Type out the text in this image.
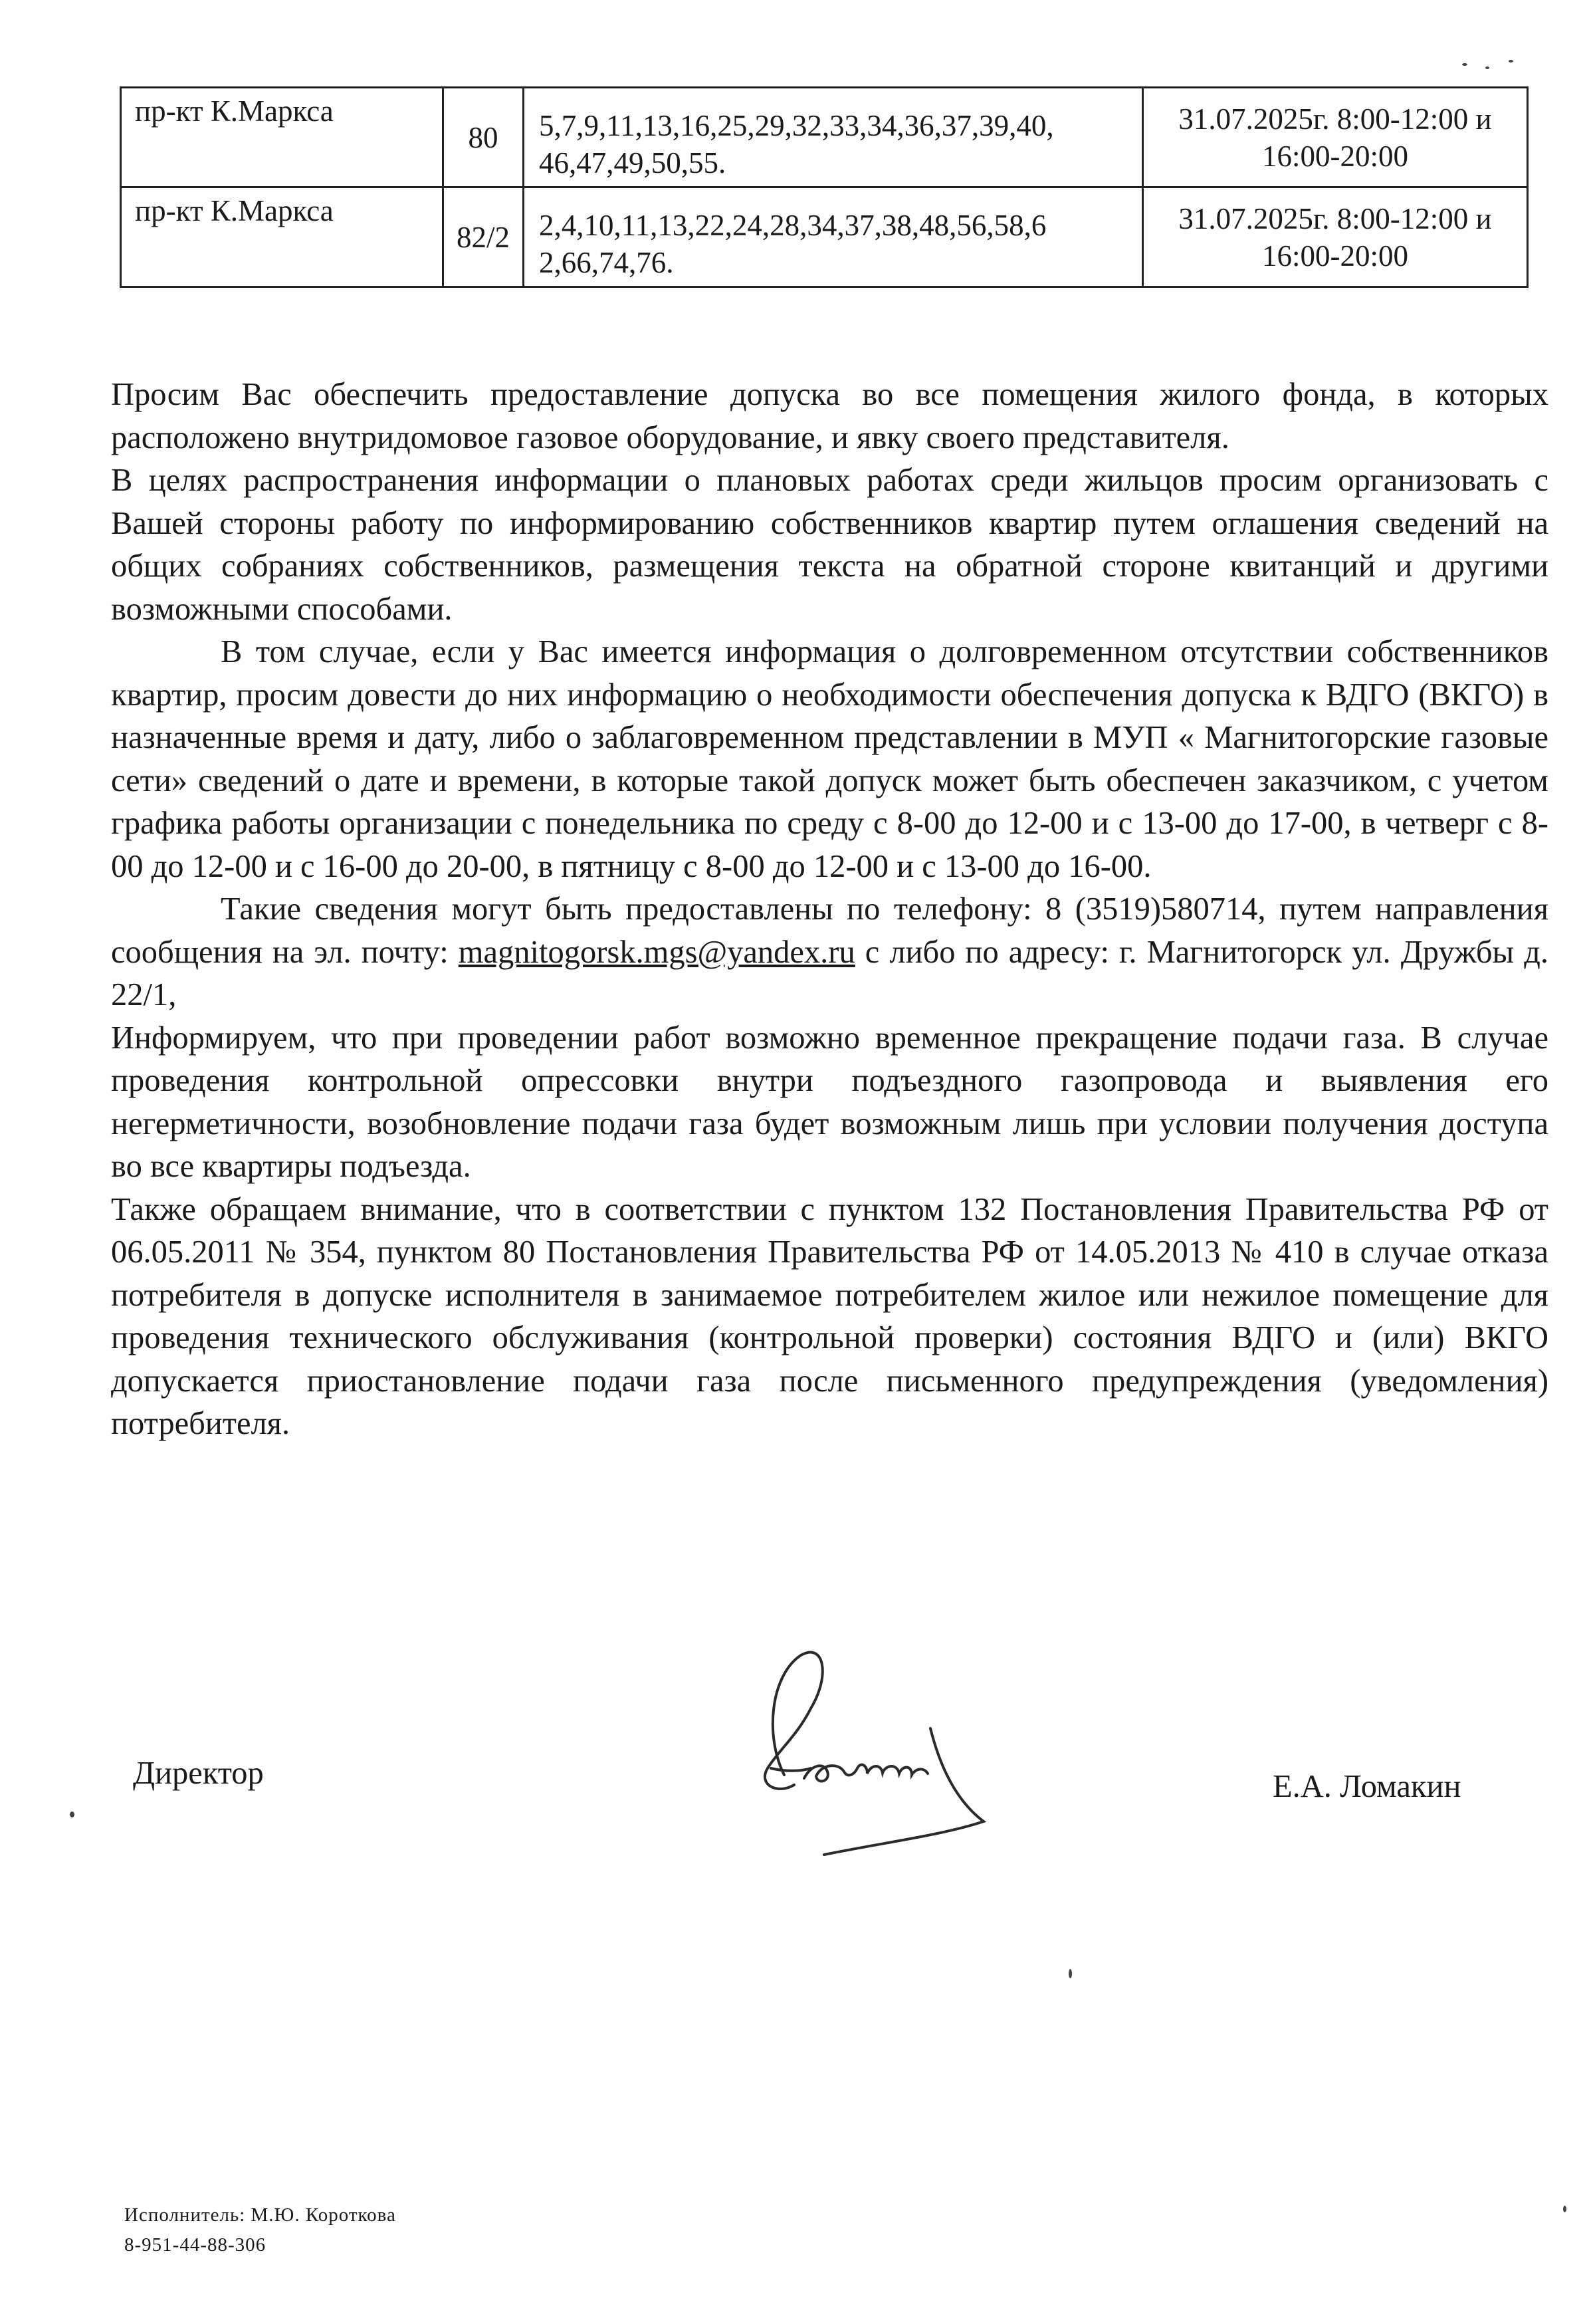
пр-кт К.Маркса	80	5,7,9,11,13,16,25,29,32,33,34,36,37,39,40, 46,47,49,50,55.	31.07.2025г. 8:00-12:00 и 16:00-20:00
пр-кт К.Маркса	82/2	2,4,10,11,13,22,24,28,34,37,38,48,56,58,6 2,66,74,76.	31.07.2025г. 8:00-12:00 и 16:00-20:00

Просим Вас обеспечить предоставление допуска во все помещения жилого фонда, в которых расположено внутридомовое газовое оборудование, и явку своего представителя.

В целях распространения информации о плановых работах среди жильцов просим организовать с Вашей стороны работу по информированию собственников квартир путем оглашения сведений на общих собраниях собственников, размещения текста на обратной стороне квитанций и другими возможными способами.

В том случае, если у Вас имеется информация о долговременном отсутствии собственников квартир, просим довести до них информацию о необходимости обеспечения допуска к ВДГО (ВКГО) в назначенные время и дату, либо о заблаговременном представлении в МУП « Магнитогорские газовые сети» сведений о дате и времени, в которые такой допуск может быть обеспечен заказчиком, с учетом графика работы организации с понедельника по среду с 8-00 до 12-00 и с 13-00 до 17-00, в четверг с 8-00 до 12-00 и с 16-00 до 20-00, в пятницу с 8-00 до 12-00 и с 13-00 до 16-00.

Такие сведения могут быть предоставлены по телефону: 8 (3519)580714, путем направления сообщения на эл. почту: magnitogorsk.mgs@yandex.ru с либо по адресу: г. Магнитогорск ул. Дружбы д. 22/1,

Информируем, что при проведении работ возможно временное прекращение подачи газа. В случае проведения контрольной опрессовки внутри подъездного газопровода и выявления его негерметичности, возобновление подачи газа будет возможным лишь при условии получения доступа во все квартиры подъезда.

Также обращаем внимание, что в соответствии с пунктом 132 Постановления Правительства РФ от 06.05.2011 № 354, пунктом 80 Постановления Правительства РФ от 14.05.2013 № 410 в случае отказа потребителя в допуске исполнителя в занимаемое потребителем жилое или нежилое помещение для проведения технического обслуживания (контрольной проверки) состояния ВДГО и (или) ВКГО допускается приостановление подачи газа после письменного предупреждения (уведомления) потребителя.

Директор	Е.А. Ломакин
Исполнитель: М.Ю. Короткова
8-951-44-88-306
